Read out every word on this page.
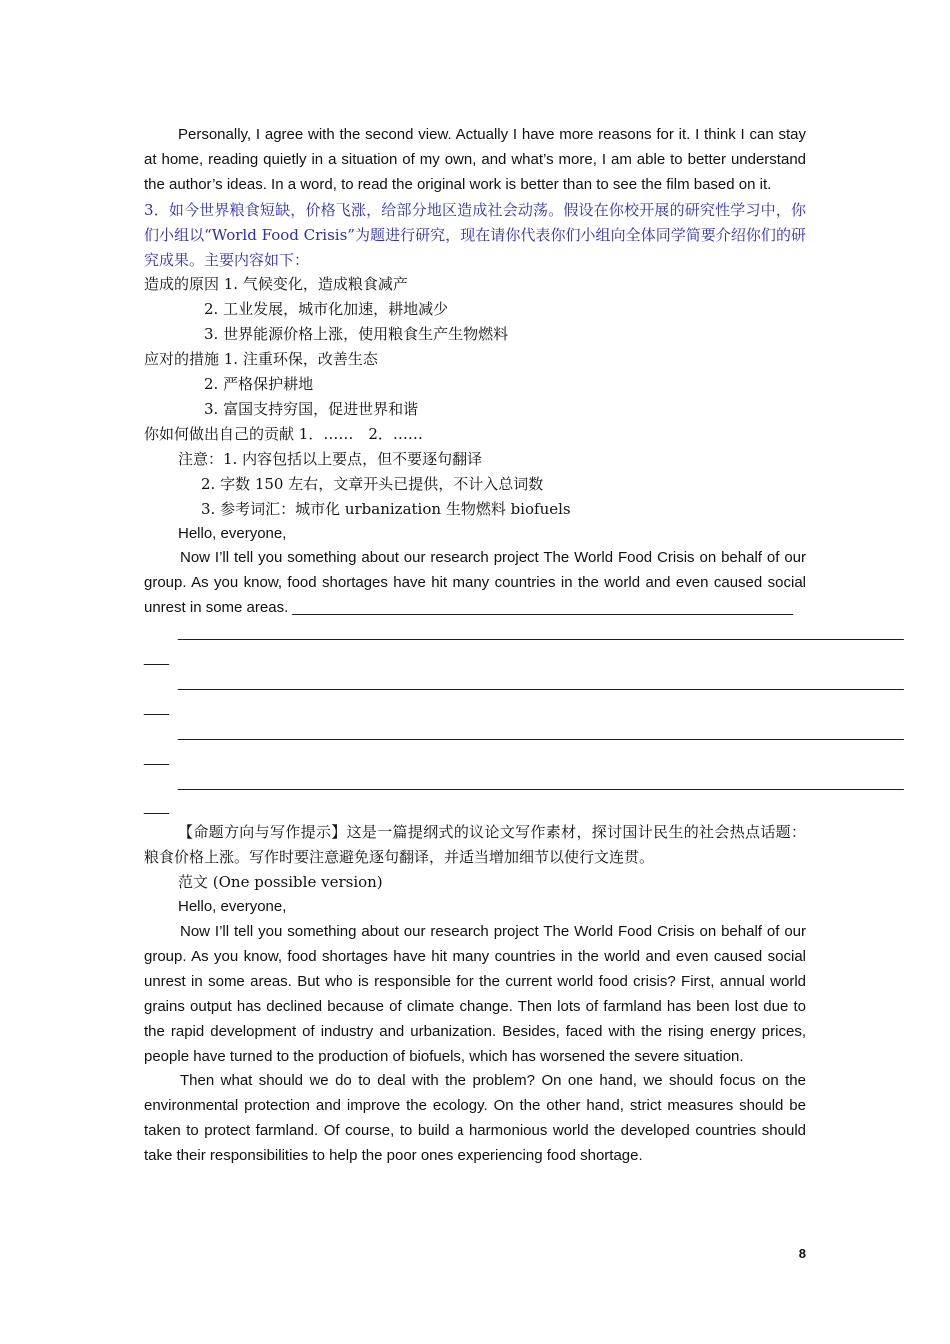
Personally, I agree with the second view. Actually I have more reasons for it. I think I can stay at home, reading quietly in a situation of my own, and what’s more, I am able to better understand the author’s ideas. In a word, to read the original work is better than to see the film based on it.

3．如今世界粮食短缺，价格飞涨，给部分地区造成社会动荡。假设在你校开展的研究性学习中，你们小组以“World Food Crisis”为题进行研究，现在请你代表你们小组向全体同学简要介绍你们的研究成果。主要内容如下：

造成的原因 1. 气候变化，造成粮食减产

2. 工业发展，城市化加速，耕地减少

3. 世界能源价格上涨，使用粮食生产生物燃料

应对的措施 1. 注重环保，改善生态

2. 严格保护耕地

3. 富国支持穷国，促进世界和谐

你如何做出自己的贡献 1．……　2．……

注意：1. 内容包括以上要点，但不要逐句翻译

2. 字数 150 左右，文章开头已提供，不计入总词数

3. 参考词汇：城市化 urbanization 生物燃料 biofuels

Hello, everyone,

Now I’ll tell you something about our research project The World Food Crisis on behalf of our group. As you know, food shortages have hit many countries in the world and even caused social unrest in some areas. ____________________________________________________________

_______________________________________________________________________________________

___

_______________________________________________________________________________________

___

_______________________________________________________________________________________

___

_______________________________________________________________________________________

___

【命题方向与写作提示】这是一篇提纲式的议论文写作素材，探讨国计民生的社会热点话题：粮食价格上涨。写作时要注意避免逐句翻译，并适当增加细节以使行文连贯。

范文 (One possible version)

Hello, everyone,

Now I’ll tell you something about our research project The World Food Crisis on behalf of our group. As you know, food shortages have hit many countries in the world and even caused social unrest in some areas. But who is responsible for the current world food crisis? First, annual world grains output has declined because of climate change. Then lots of farmland has been lost due to the rapid development of industry and urbanization. Besides, faced with the rising energy prices, people have turned to the production of biofuels, which has worsened the severe situation.

Then what should we do to deal with the problem? On one hand, we should focus on the environmental protection and improve the ecology. On the other hand, strict measures should be taken to protect farmland. Of course, to build a harmonious world the developed countries should take their responsibilities to help the poor ones experiencing food shortage.

8
